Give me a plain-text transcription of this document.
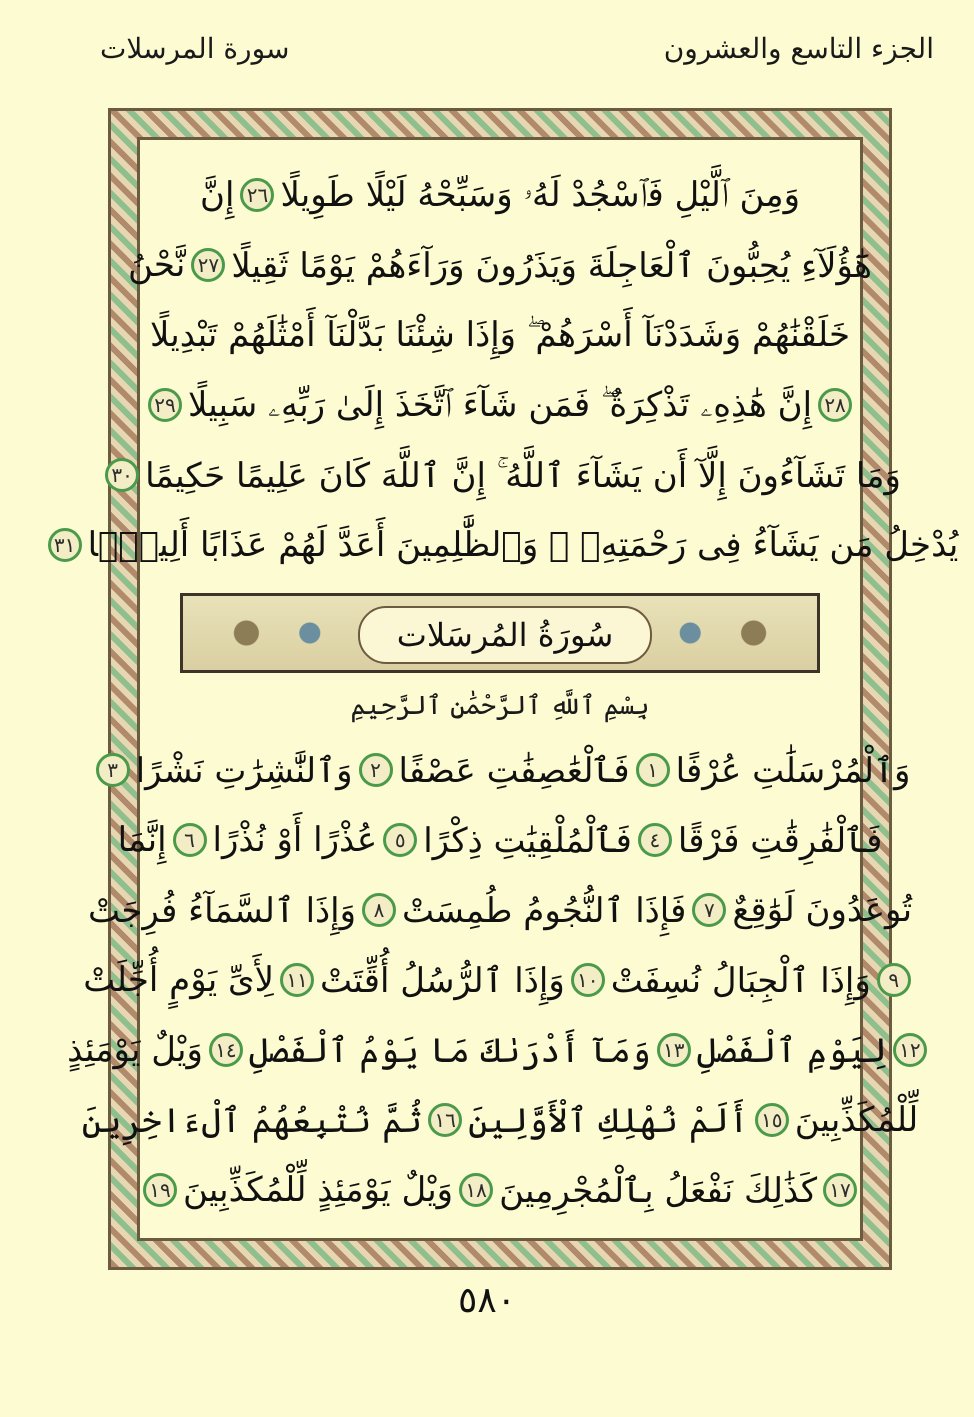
الجزء التاسع والعشرون
سورة المرسلات
وَمِنَ ٱلَّيْلِ فَٱسْجُدْ لَهُۥ وَسَبِّحْهُ لَيْلًا طَوِيلًا
٢٦
إِنَّ
هَٰٓؤُلَآءِ يُحِبُّونَ ٱلْعَاجِلَةَ وَيَذَرُونَ وَرَآءَهُمْ يَوْمًا ثَقِيلًا
٢٧
نَّحْنُ
خَلَقْنَٰهُمْ وَشَدَدْنَآ أَسْرَهُمْ ۖ وَإِذَا شِئْنَا بَدَّلْنَآ أَمْثَٰلَهُمْ تَبْدِيلًا
٢٨
إِنَّ هَٰذِهِۦ تَذْكِرَةٌ ۖ فَمَن شَآءَ ٱتَّخَذَ إِلَىٰ رَبِّهِۦ سَبِيلًا
٢٩
وَمَا تَشَآءُونَ إِلَّآ أَن يَشَآءَ ٱللَّهُ ۚ إِنَّ ٱللَّهَ كَانَ عَلِيمًا حَكِيمًا
٣٠
يُدْخِلُ مَن يَشَآءُ فِى رَحْمَتِهِۦ ۚ وَٱلظَّٰلِمِينَ أَعَدَّ لَهُمْ عَذَابًا أَلِيمًۢا
٣١
سُورَةُ المُرسَلات
بِسْمِ ٱللَّهِ ٱلرَّحْمَٰنِ ٱلرَّحِيمِ
وَٱلْمُرْسَلَٰتِ عُرْفًا
١
فَٱلْعَٰصِفَٰتِ عَصْفًا
٢
وَٱلنَّٰشِرَٰتِ نَشْرًا
٣
فَٱلْفَٰرِقَٰتِ فَرْقًا
٤
فَٱلْمُلْقِيَٰتِ ذِكْرًا
٥
عُذْرًا أَوْ نُذْرًا
٦
إِنَّمَا
تُوعَدُونَ لَوَٰقِعٌ
٧
فَإِذَا ٱلنُّجُومُ طُمِسَتْ
٨
وَإِذَا ٱلسَّمَآءُ فُرِجَتْ
٩
وَإِذَا ٱلْجِبَالُ نُسِفَتْ
١٠
وَإِذَا ٱلرُّسُلُ أُقِّتَتْ
١١
لِأَىِّ يَوْمٍ أُجِّلَتْ
١٢
لِيَوْمِ ٱلْفَصْلِ
١٣
وَمَآ أَدْرَىٰكَ مَا يَوْمُ ٱلْفَصْلِ
١٤
وَيْلٌ يَوْمَئِذٍ
لِّلْمُكَذِّبِينَ
١٥
أَلَمْ نُهْلِكِ ٱلْأَوَّلِينَ
١٦
ثُمَّ نُتْبِعُهُمُ ٱلْءَاخِرِينَ
١٧
كَذَٰلِكَ نَفْعَلُ بِٱلْمُجْرِمِينَ
١٨
وَيْلٌ يَوْمَئِذٍ لِّلْمُكَذِّبِينَ
١٩
٥٨٠
